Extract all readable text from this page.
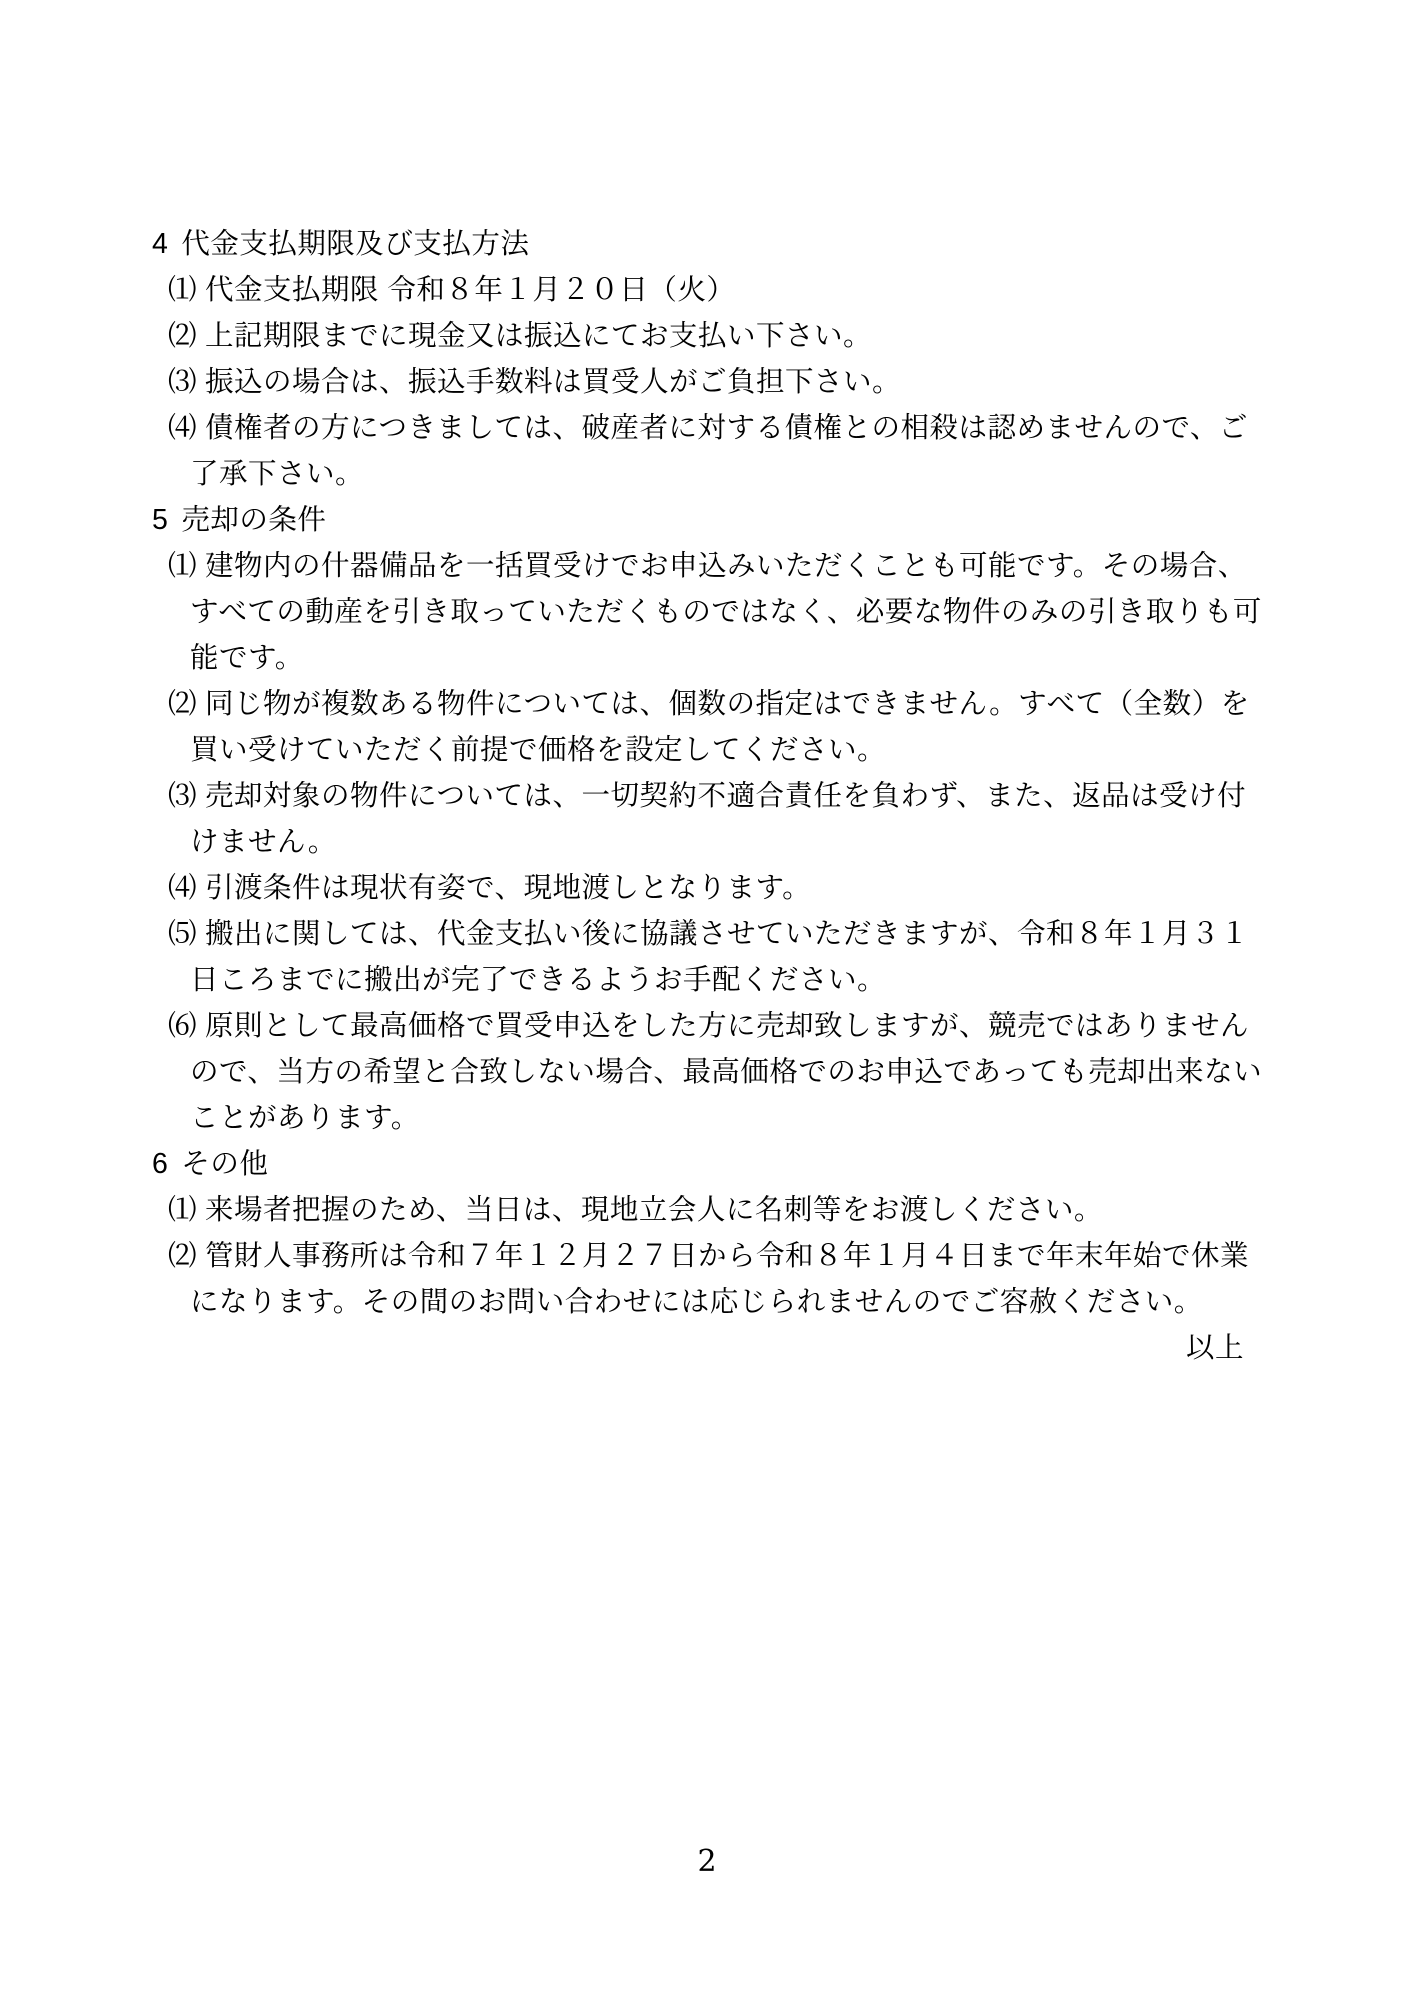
4 代金支払期限及び支払方法

⑴ 代金支払期限 令和８年１月２０日（火）

⑵ 上記期限までに現金又は振込にてお支払い下さい。

⑶ 振込の場合は、振込手数料は買受人がご負担下さい。

⑷ 債権者の方につきましては、破産者に対する債権との相殺は認めませんので、ご了承下さい。

5 売却の条件

⑴ 建物内の什器備品を一括買受けでお申込みいただくことも可能です。その場合、すべての動産を引き取っていただくものではなく、必要な物件のみの引き取りも可能です。

⑵ 同じ物が複数ある物件については、個数の指定はできません。すべて（全数）を買い受けていただく前提で価格を設定してください。

⑶ 売却対象の物件については、一切契約不適合責任を負わず、また、返品は受け付けません。

⑷ 引渡条件は現状有姿で、現地渡しとなります。

⑸ 搬出に関しては、代金支払い後に協議させていただきますが、令和８年１月３１日ころまでに搬出が完了できるようお手配ください。

⑹ 原則として最高価格で買受申込をした方に売却致しますが、競売ではありませんので、当方の希望と合致しない場合、最高価格でのお申込であっても売却出来ないことがあります。

6 その他

⑴ 来場者把握のため、当日は、現地立会人に名刺等をお渡しください。

⑵ 管財人事務所は令和７年１２月２７日から令和８年１月４日まで年末年始で休業になります。その間のお問い合わせには応じられませんのでご容赦ください。

以上
2
